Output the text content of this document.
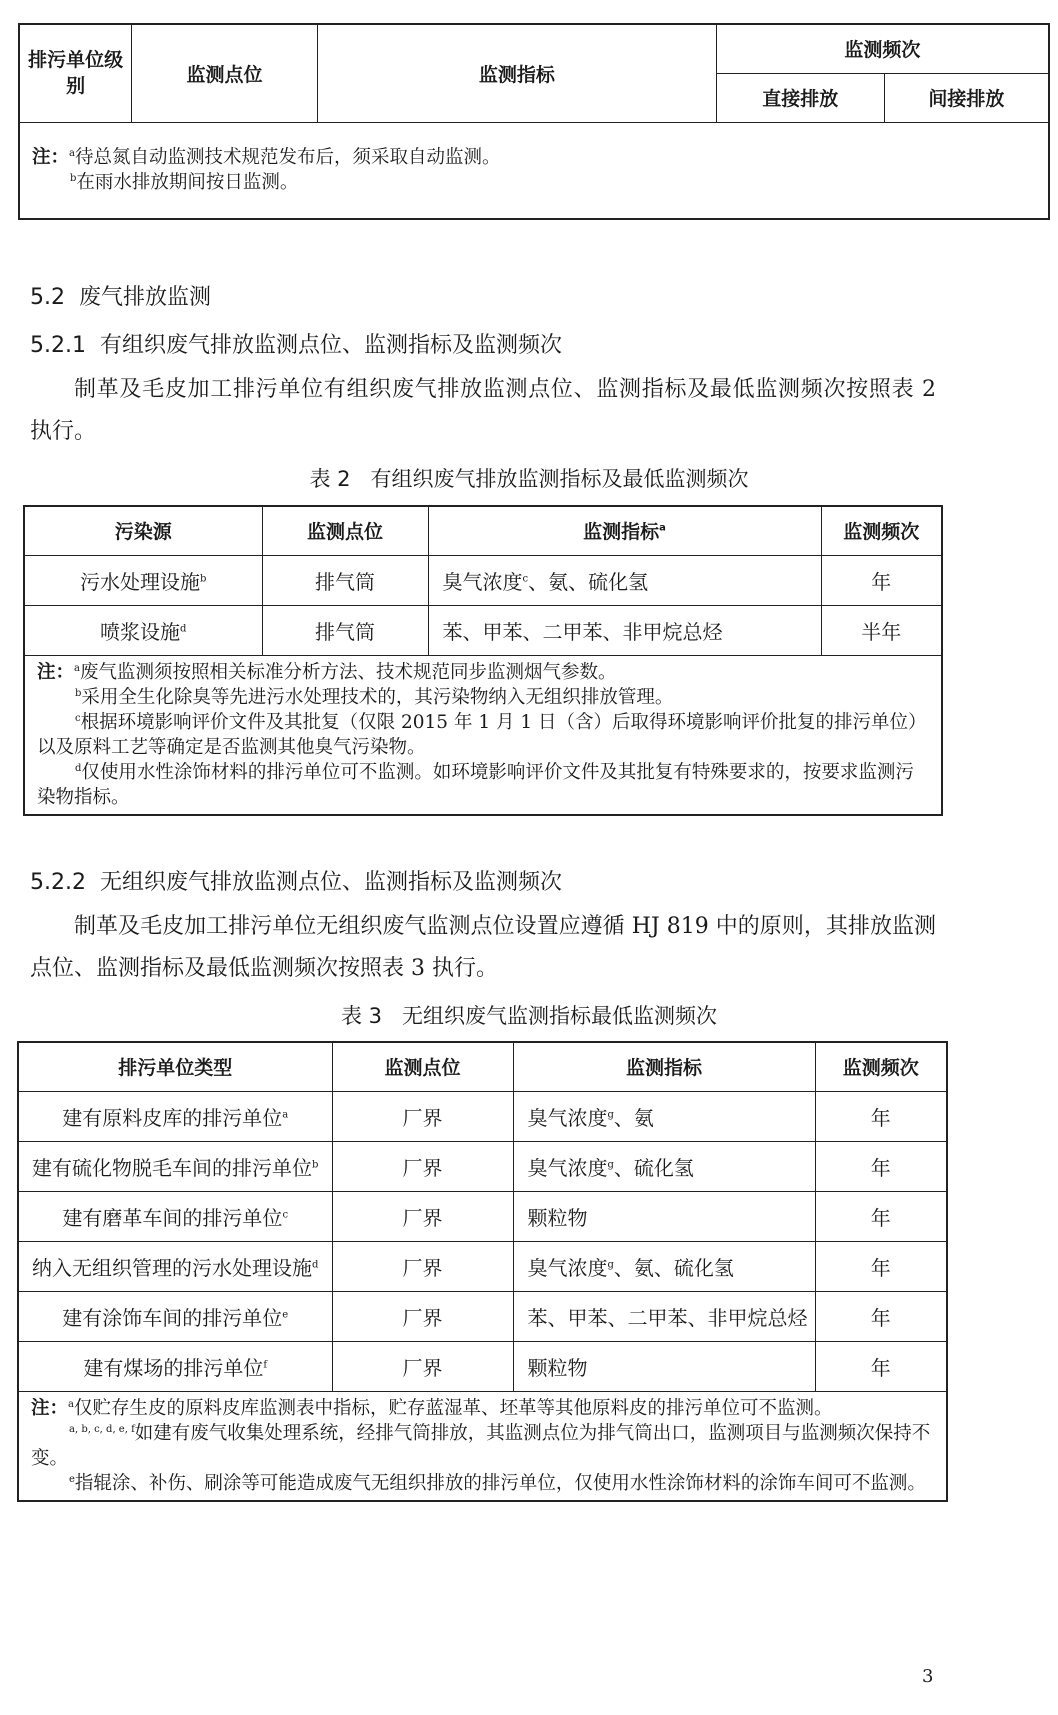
排污单位级别	监测点位	监测指标	监测频次	
			直接排放	间接排放

注：$^a$待总氮自动监测技术规范发布后，须采取自动监测。
$^b$在雨水排放期间按日监测。				
5.2  废气排放监测
5.2.1  有组织废气排放监测点位、监测指标及监测频次
制革及毛皮加工排污单位有组织废气排放监测点位、监测指标及最低监测频次按照表 2 执行。
表 2   有组织废气排放监测指标及最低监测频次
污染源	监测点位	监测指标$^a$	监测频次
污水处理设施$^b$	排气筒	臭气浓度$^c$、氨、硫化氢	年
喷浆设施$^d$	排气筒	苯、甲苯、二甲苯、非甲烷总烃	半年

注：$^a$废气监测须按照相关标准分析方法、技术规范同步监测烟气参数。
$^b$采用全生化除臭等先进污水处理技术的，其污染物纳入无组织排放管理。
$^c$根据环境影响评价文件及其批复（仅限 2015 年 1 月 1 日（含）后取得环境影响评价批复的排污单位）以及原料工艺等确定是否监测其他臭气污染物。
$^d$仅使用水性涂饰材料的排污单位可不监测。如环境影响评价文件及其批复有特殊要求的，按要求监测污染物指标。			
5.2.2  无组织废气排放监测点位、监测指标及监测频次
制革及毛皮加工排污单位无组织废气监测点位设置应遵循 HJ 819 中的原则，其排放监测点位、监测指标及最低监测频次按照表 3 执行。
表 3   无组织废气监测指标最低监测频次
排污单位类型	监测点位	监测指标	监测频次
建有原料皮库的排污单位$^a$	厂界	臭气浓度$^g$、氨	年
建有硫化物脱毛车间的排污单位$^b$	厂界	臭气浓度$^g$、硫化氢	年
建有磨革车间的排污单位$^c$	厂界	颗粒物	年
纳入无组织管理的污水处理设施$^d$	厂界	臭气浓度$^g$、氨、硫化氢	年
建有涂饰车间的排污单位$^e$	厂界	苯、甲苯、二甲苯、非甲烷总烃	年
建有煤场的排污单位$^f$	厂界	颗粒物	年

注：$^a$仅贮存生皮的原料皮库监测表中指标，贮存蓝湿革、坯革等其他原料皮的排污单位可不监测。
$^{a, b, c, d, e, f}$如建有废气收集处理系统，经排气筒排放，其监测点位为排气筒出口，监测项目与监测频次保持不变。
$^e$指辊涂、补伤、刷涂等可能造成废气无组织排放的排污单位，仅使用水性涂饰材料的涂饰车间可不监测。			
3
